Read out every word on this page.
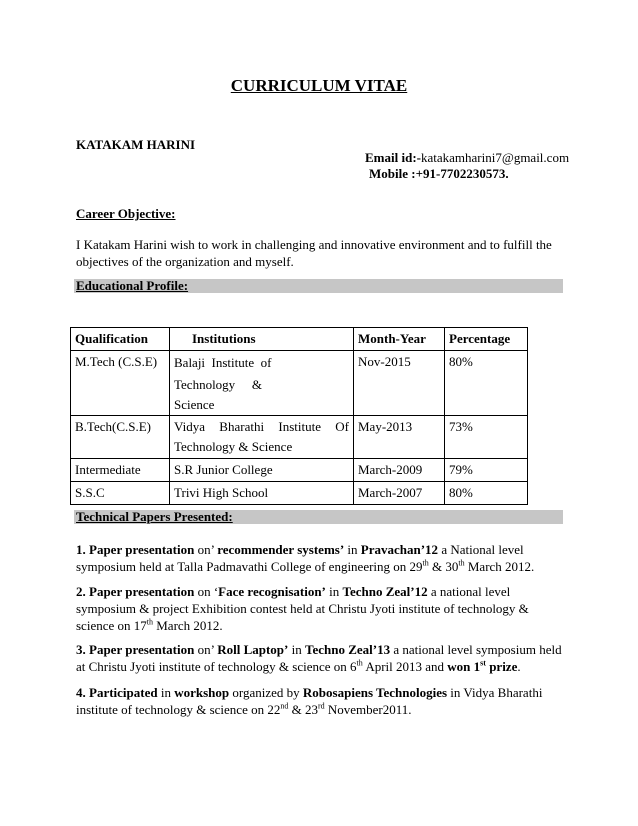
CURRICULUM VITAE
KATAKAM HARINI
Email id:-katakamharini7@gmail.com
Mobile :+91-7702230573.
Career Objective:
I Katakam Harini wish to work in challenging and innovative environment and to fulfill the objectives of the organization and myself.
Educational Profile:
Qualification	Institutions	Month-Year	Percentage
M.Tech (C.S.E)	Balaji  Institute  of
Technology &
Science	Nov-2015	80%
B.Tech(C.S.E)	Vidya Bharathi Institute Of
Technology & Science	May-2013	73%
Intermediate	S.R Junior College	March-2009	79%
S.S.C	Trivi High School	March-2007	80%
Technical Papers Presented:
1. Paper presentation on’ recommender systems’ in Pravachan’12 a National level symposium held at Talla Padmavathi College of engineering on 29th & 30th March 2012.
2. Paper presentation on ‘Face recognisation’ in Techno Zeal’12 a national level symposium & project Exhibition contest held at Christu Jyoti institute of technology & science on 17th March 2012.
3. Paper presentation on’ Roll Laptop’ in Techno Zeal’13 a national level symposium held at Christu Jyoti institute of technology & science on 6th April 2013 and won 1st prize.
4. Participated in workshop organized by Robosapiens Technologies in Vidya Bharathi institute of technology & science on 22nd & 23rd November2011.
